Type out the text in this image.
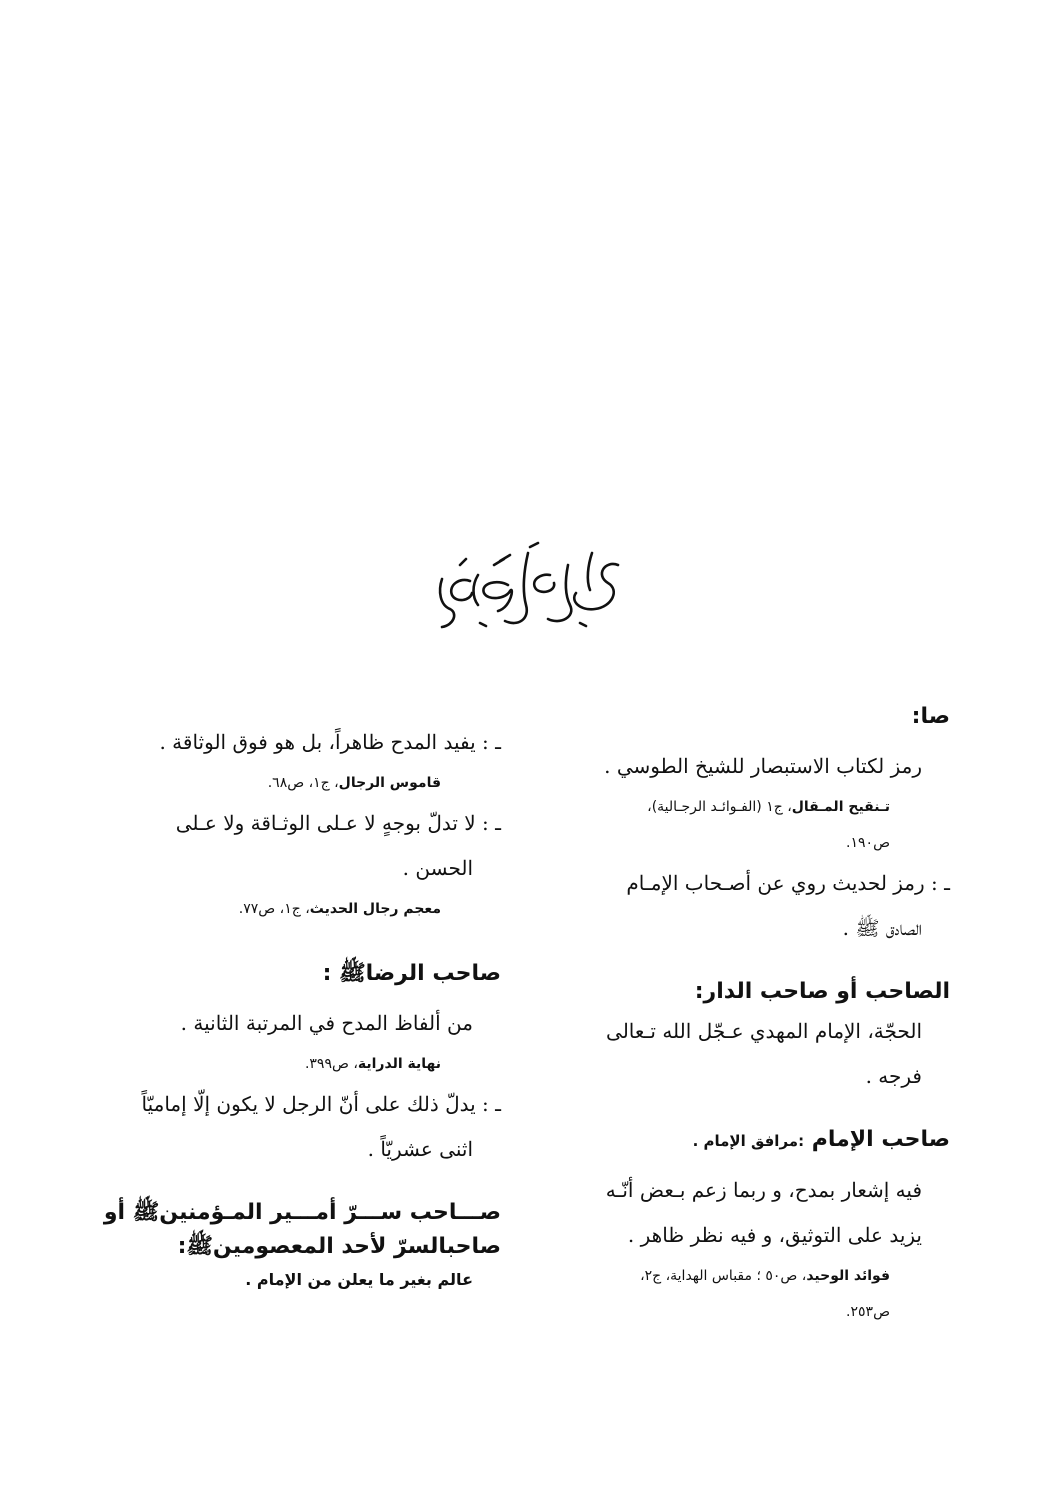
صا:

رمز لكتاب الاستبصار للشيخ الطوسي .

تـنقيح المـقال، ج١ (الفـوائـد الرجـالية)،

ص١٩٠.

ـ : رمز لحديث روي عن أصـحاب الإمـام

الصادق ﷺ .

الصاحب أو صاحب الدار:

الحجّة، الإمام المهدي عـجّل الله تـعالى

فرجه .

صاحب الإمام :مرافق الإمام .

فيه إشعار بمدح، و ربما زعم بـعض أنّـه

يزيد على التوثيق، و فيه نظر ظاهر .

فوائد الوحيد، ص٥٠ ؛ مقباس الهداية، ج٢،

ص٢٥٣.

ـ : يفيد المدح ظاهراً، بل هو فوق الوثاقة .

قاموس الرجال، ج١، ص٦٨.

ـ : لا تدلّ بوجهٍ لا عـلى الوثـاقة ولا عـلى

الحسن .

معجم رجال الحديث، ج١، ص٧٧.

صاحب الرضاﷺ :

من ألفاظ المدح في المرتبة الثانية .

نهاية الدراية، ص٣٩٩.

ـ : يدلّ ذلك على أنّ الرجل لا يكون إلّا إماميّاً

اثنى عشريّاً .

صـــاحب ســـرّ أمـــير المـؤمنينﷺ أو

صاحبالسرّ لأحد المعصومينﷺ:

عالم بغير ما يعلن من الإمام .
